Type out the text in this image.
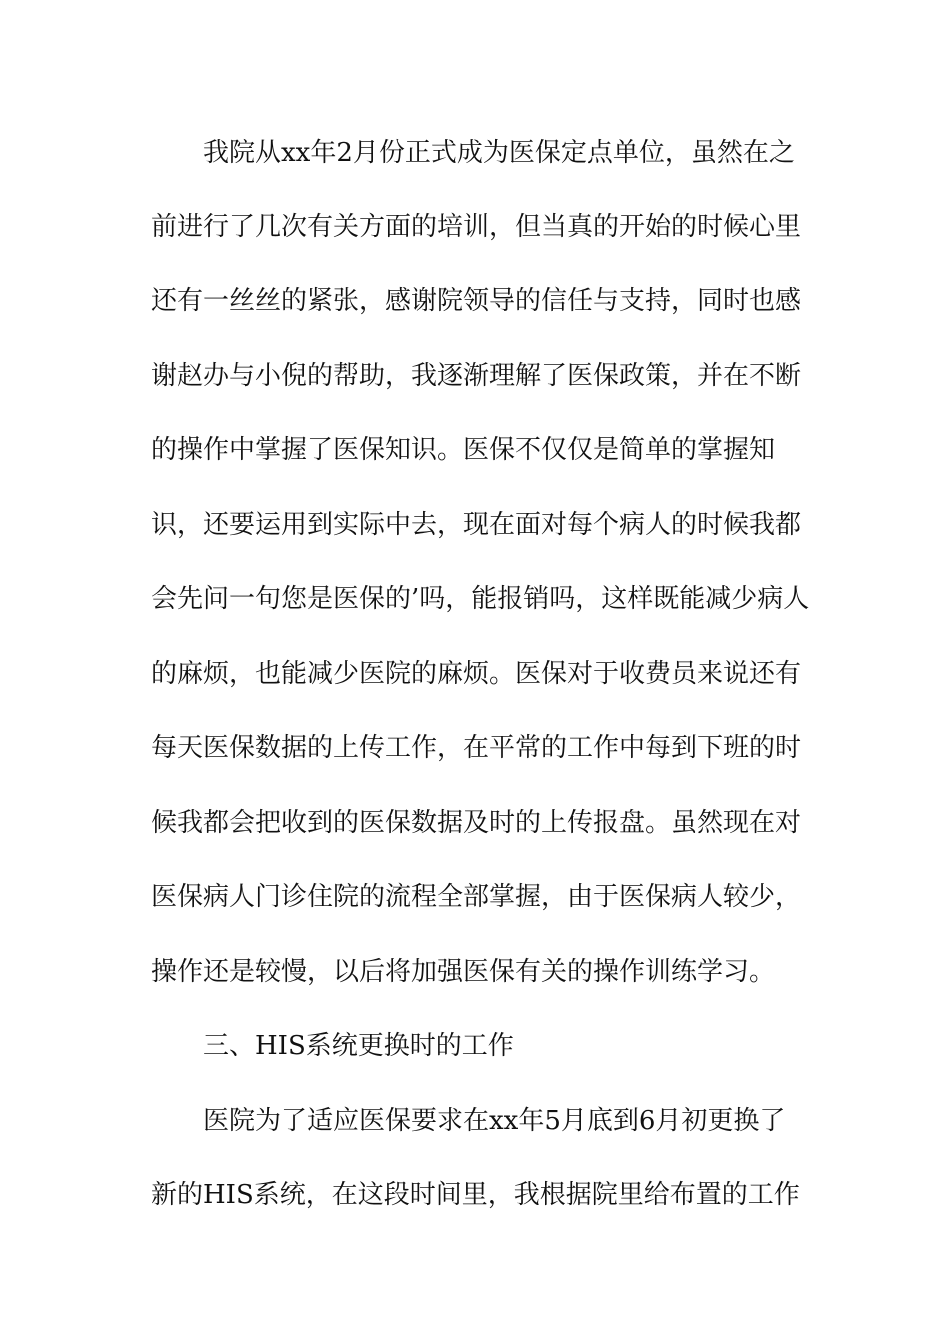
我院从xx年2月份正式成为医保定点单位，虽然在之
前进行了几次有关方面的培训，但当真的开始的时候心里
还有一丝丝的紧张，感谢院领导的信任与支持，同时也感
谢赵办与小倪的帮助，我逐渐理解了医保政策，并在不断
的操作中掌握了医保知识。医保不仅仅是简单的掌握知
识，还要运用到实际中去，现在面对每个病人的时候我都
会先问一句您是医保的’吗，能报销吗，这样既能减少病人
的麻烦，也能减少医院的麻烦。医保对于收费员来说还有
每天医保数据的上传工作，在平常的工作中每到下班的时
候我都会把收到的医保数据及时的上传报盘。虽然现在对
医保病人门诊住院的流程全部掌握，由于医保病人较少，
操作还是较慢，以后将加强医保有关的操作训练学习。
三、HIS系统更换时的工作
医院为了适应医保要求在xx年5月底到6月初更换了
新的HIS系统，在这段时间里，我根据院里给布置的工作
